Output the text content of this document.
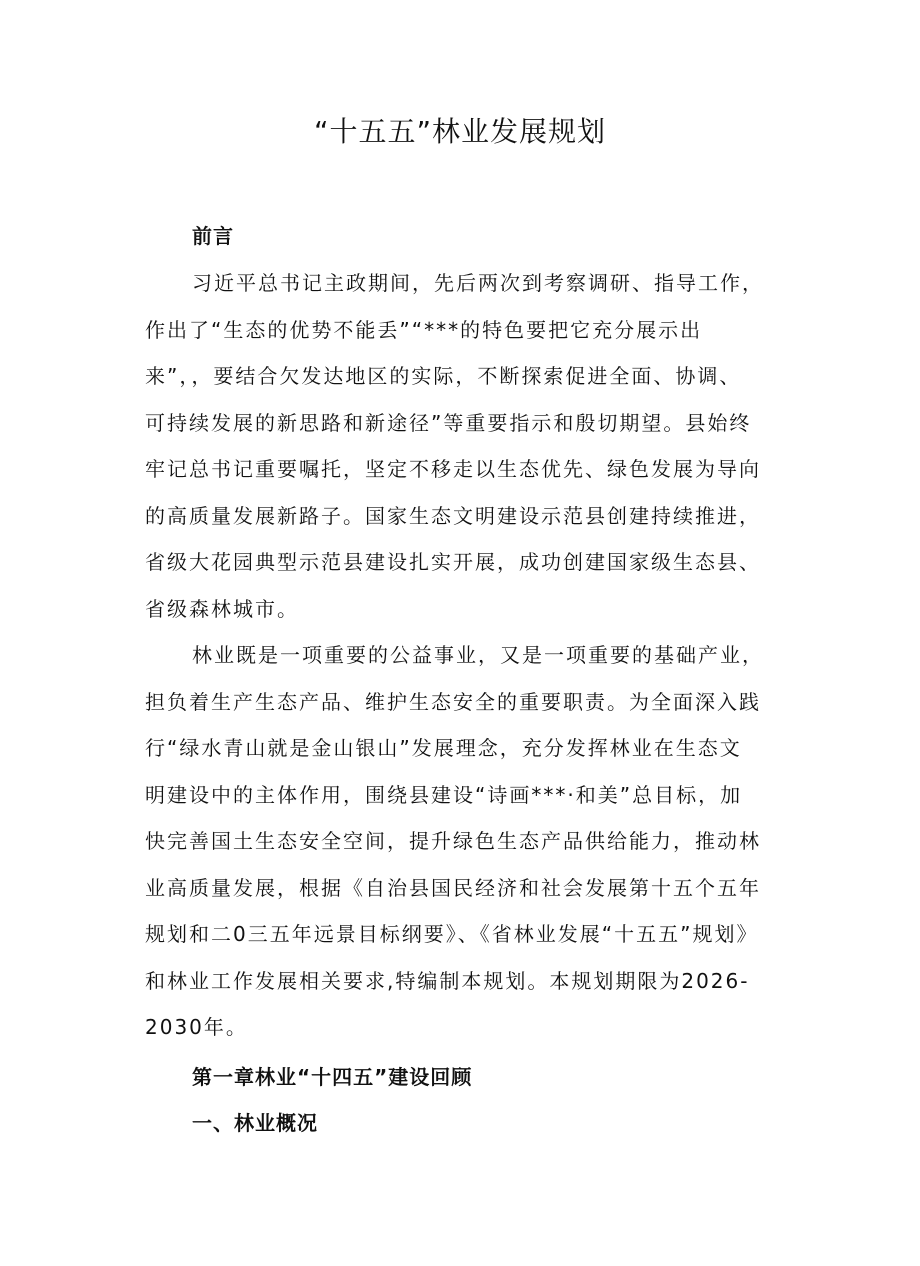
“十五五”林业发展规划
前言

习近平总书记主政期间，先后两次到考察调研、指导工作，
作出了“生态的优势不能丢”“***的特色要把它充分展示出
来”，，要结合欠发达地区的实际，不断探索促进全面、协调、
可持续发展的新思路和新途径”等重要指示和殷切期望。县始终
牢记总书记重要嘱托，坚定不移走以生态优先、绿色发展为导向
的高质量发展新路子。国家生态文明建设示范县创建持续推进，
省级大花园典型示范县建设扎实开展，成功创建国家级生态县、
省级森林城市。

林业既是一项重要的公益事业，又是一项重要的基础产业，
担负着生产生态产品、维护生态安全的重要职责。为全面深入践
行“绿水青山就是金山银山”发展理念，充分发挥林业在生态文
明建设中的主体作用，围绕县建设“诗画***·和美”总目标，加
快完善国土生态安全空间，提升绿色生态产品供给能力，推动林
业高质量发展，根据《自治县国民经济和社会发展第十五个五年
规划和二0三五年远景目标纲要》、《省林业发展“十五五”规划》
和林业工作发展相关要求,特编制本规划。本规划期限为2026-
2030年。

第一章林业“十四五”建设回顾
一、林业概况
